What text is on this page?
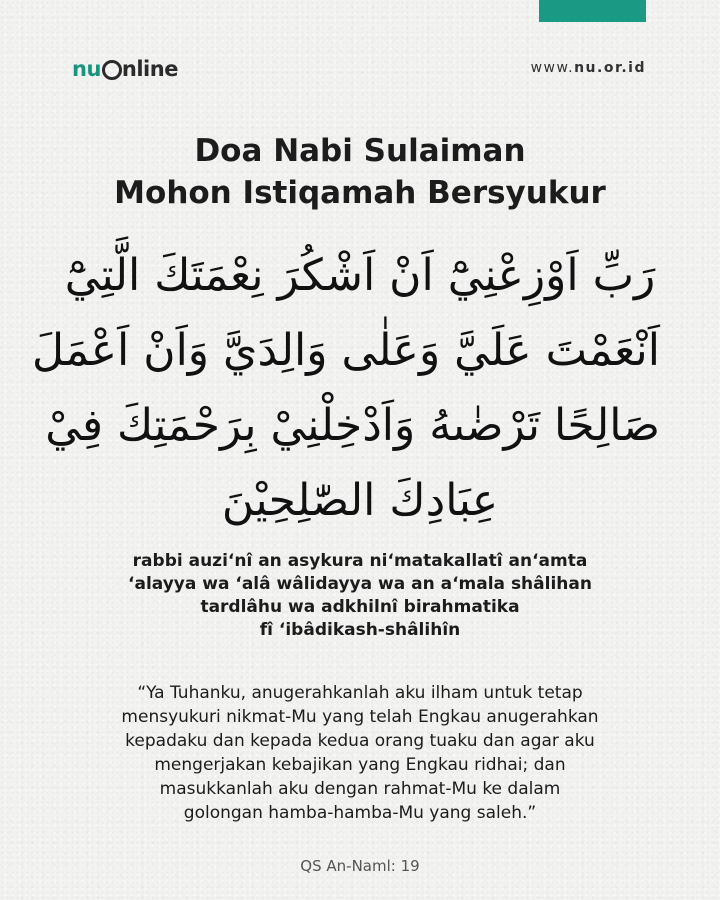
nu nline	www.nu.or.id
Doa Nabi Sulaiman
Mohon Istiqamah Bersyukur
رَبِّ اَوْزِعْنِيْٓ اَنْ اَشْكُرَ نِعْمَتَكَ الَّتِيْٓ
اَنْعَمْتَ عَلَيَّ وَعَلٰى وَالِدَيَّ وَاَنْ اَعْمَلَ
صَالِحًا تَرْضٰىهُ وَاَدْخِلْنِيْ بِرَحْمَتِكَ فِيْ
عِبَادِكَ الصّٰلِحِيْنَ
rabbi auzi‘nî an asykura ni‘matakallatî an‘amta
‘alayya wa ‘alâ wâlidayya wa an a‘mala shâlihan
tardlâhu wa adkhilnî birahmatika
fî ‘ibâdikash-shâlihîn
“Ya Tuhanku, anugerahkanlah aku ilham untuk tetap
mensyukuri nikmat-Mu yang telah Engkau anugerahkan
kepadaku dan kepada kedua orang tuaku dan agar aku
mengerjakan kebajikan yang Engkau ridhai; dan
masukkanlah aku dengan rahmat-Mu ke dalam
golongan hamba-hamba-Mu yang saleh.”
QS An-Naml: 19
